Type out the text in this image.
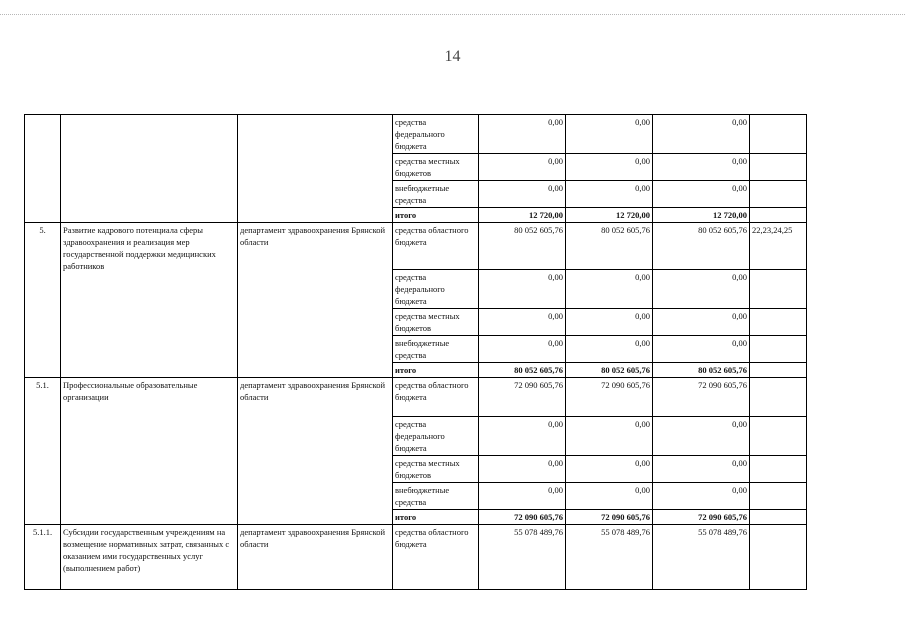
14
			средства федерального бюджета	0,00	0,00	0,00	
			средства местных бюджетов	0,00	0,00	0,00	
			внебюджетные средства	0,00	0,00	0,00	
			итого	12 720,00	12 720,00	12 720,00	
5.	Развитие кадрового потенциала сферы здравоохранения и реализация мер государственной поддержки медицинских работников	департамент здравоохранения Брянской области	средства областного бюджета	80 052 605,76	80 052 605,76	80 052 605,76	22,23,24,25
			средства федерального бюджета	0,00	0,00	0,00	
			средства местных бюджетов	0,00	0,00	0,00	
			внебюджетные средства	0,00	0,00	0,00	
			итого	80 052 605,76	80 052 605,76	80 052 605,76	
5.1.	Профессиональные образовательные организации	департамент здравоохранения Брянской области	средства областного бюджета	72 090 605,76	72 090 605,76	72 090 605,76	
			средства федерального бюджета	0,00	0,00	0,00	
			средства местных бюджетов	0,00	0,00	0,00	
			внебюджетные средства	0,00	0,00	0,00	
			итого	72 090 605,76	72 090 605,76	72 090 605,76	
5.1.1.	Субсидии государственным учреждениям на возмещение нормативных затрат, связанных с оказанием ими государственных услуг (выполнением работ)	департамент здравоохранения Брянской области	средства областного бюджета	55 078 489,76	55 078 489,76	55 078 489,76	
